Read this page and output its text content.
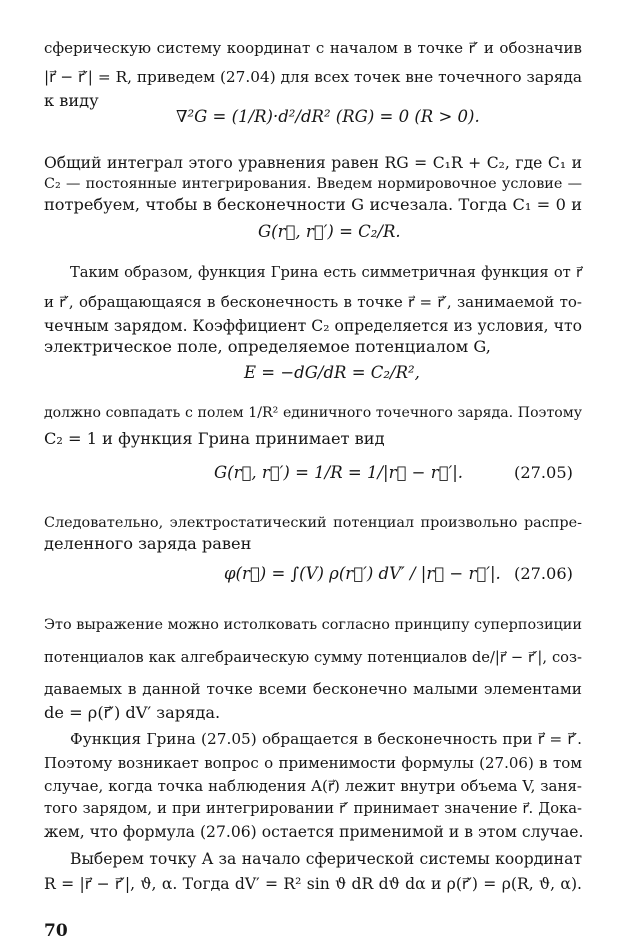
сферическую систему координат с началом в точке r⃗′ и обозначив
|r⃗ − r⃗′| = R, приведем (27.04) для всех точек вне точечного заряда
к виду
∇²G = (1/R)·d²/dR² (RG) = 0 (R > 0).
Общий интеграл этого уравнения равен RG = C₁R + C₂, где C₁ и
C₂ — постоянные интегрирования. Введем нормировочное условие —
потребуем, чтобы в бесконечности G исчезала. Тогда C₁ = 0 и
G(r⃗, r⃗′) = C₂/R.
Таким образом, функция Грина есть симметричная функция от r⃗
и r⃗′, обращающаяся в бесконечность в точке r⃗ = r⃗′, занимаемой то-
чечным зарядом. Коэффициент C₂ определяется из условия, что
электрическое поле, определяемое потенциалом G,
E = −dG/dR = C₂/R²,
должно совпадать с полем 1/R² единичного точечного заряда. Поэтому
C₂ = 1 и функция Грина принимает вид
G(r⃗, r⃗′) = 1/R = 1/|r⃗ − r⃗′|.	(27.05)
Следовательно, электростатический потенциал произвольно распре-
деленного заряда равен
φ(r⃗) = ∫(V) ρ(r⃗′) dV′ / |r⃗ − r⃗′|. (27.06)
Это выражение можно истолковать согласно принципу суперпозиции
потенциалов как алгебраическую сумму потенциалов de/|r⃗ − r⃗′|, соз-
даваемых в данной точке всеми бесконечно малыми элементами
de = ρ(r⃗′) dV′ заряда.
Функция Грина (27.05) обращается в бесконечность при r⃗ = r⃗′.
Поэтому возникает вопрос о применимости формулы (27.06) в том
случае, когда точка наблюдения A(r⃗) лежит внутри объема V, заня-
того зарядом, и при интегрировании r⃗′ принимает значение r⃗. Дока-
жем, что формула (27.06) остается применимой и в этом случае.
Выберем точку A за начало сферической системы координат
R = |r⃗ − r⃗′|, ϑ, α. Тогда dV′ = R² sin ϑ dR dϑ dα и ρ(r⃗′) = ρ(R, ϑ, α).
70
